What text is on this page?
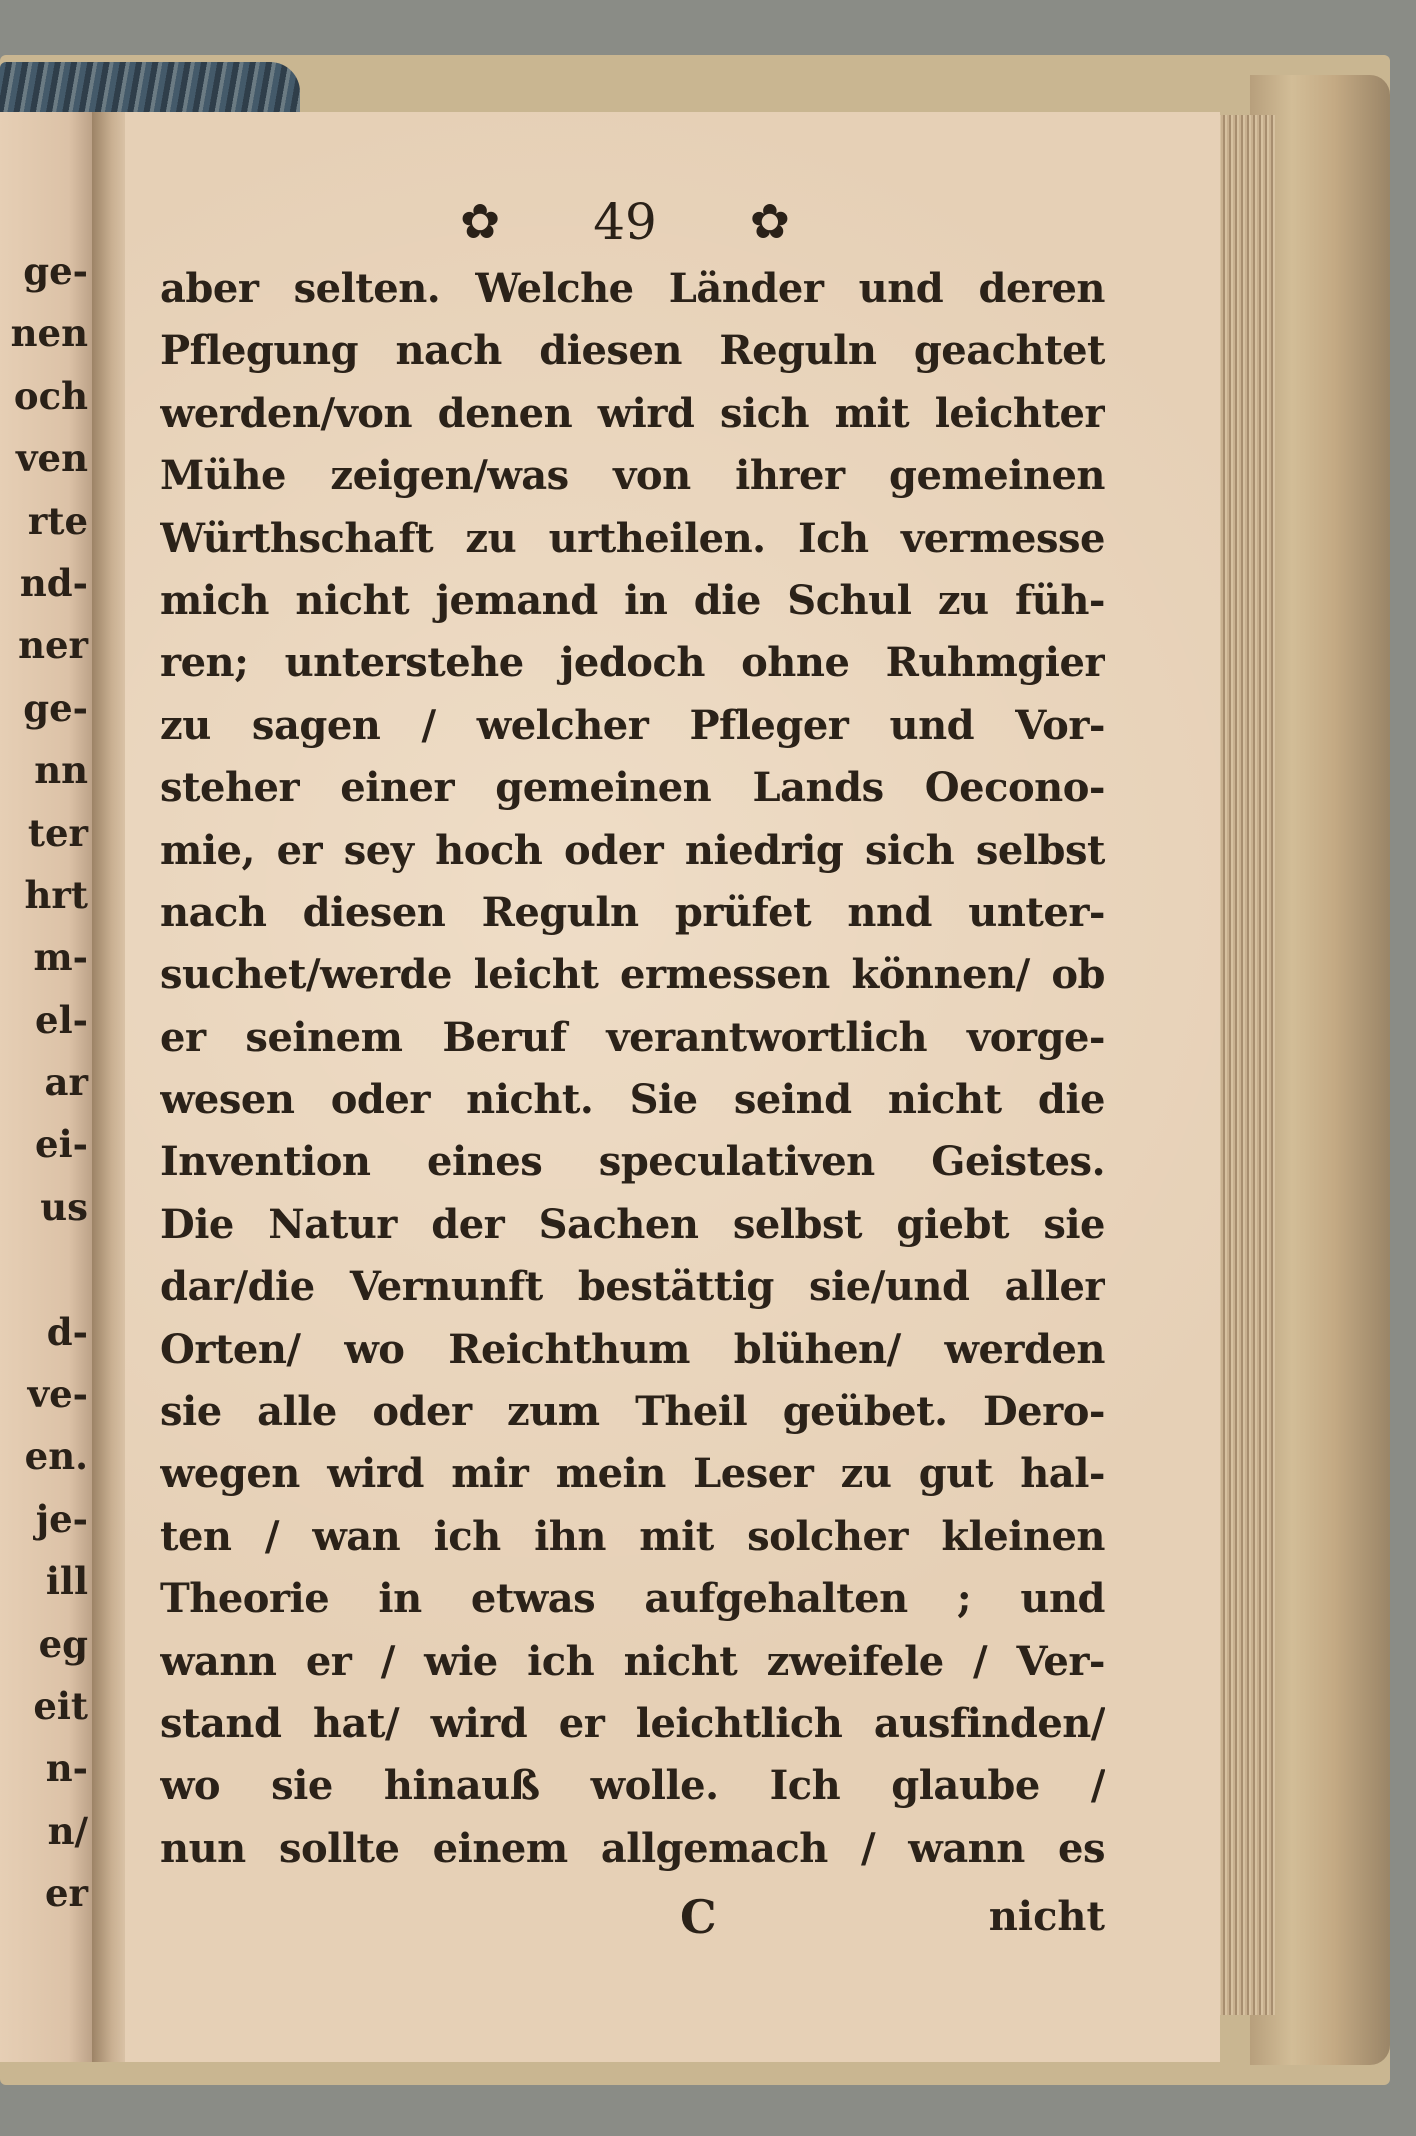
ge-
nen
och
ven
rte
nd-
ner
ge-
nn
ter
hrt
m-
el-
ar
ei-
us
d-
ve-
en.
je-
ill
eg
eit
n-
n/
er
✿ 49 ✿
aber selten. Welche Länder und deren
Pflegung nach diesen Reguln geachtet
werden/von denen wird sich mit leichter
Mühe zeigen/was von ihrer gemeinen
Würthschaft zu urtheilen. Ich vermesse
mich nicht jemand in die Schul zu füh-
ren; unterstehe jedoch ohne Ruhmgier
zu sagen / welcher Pfleger und Vor-
steher einer gemeinen Lands Oecono-
mie, er sey hoch oder niedrig sich selbst
nach diesen Reguln prüfet nnd unter-
suchet/werde leicht ermessen können/ ob
er seinem Beruf verantwortlich vorge-
wesen oder nicht. Sie seind nicht die
Invention eines speculativen Geistes.
Die Natur der Sachen selbst giebt sie
dar/die Vernunft bestättig sie/und aller
Orten/ wo Reichthum blühen/ werden
sie alle oder zum Theil geübet. Dero-
wegen wird mir mein Leser zu gut hal-
ten / wan ich ihn mit solcher kleinen
Theorie in etwas aufgehalten ; und
wann er / wie ich nicht zweifele / Ver-
stand hat/ wird er leichtlich ausfinden/
wo sie hinauß wolle. Ich glaube /
nun sollte einem allgemach / wann es
C	nicht
